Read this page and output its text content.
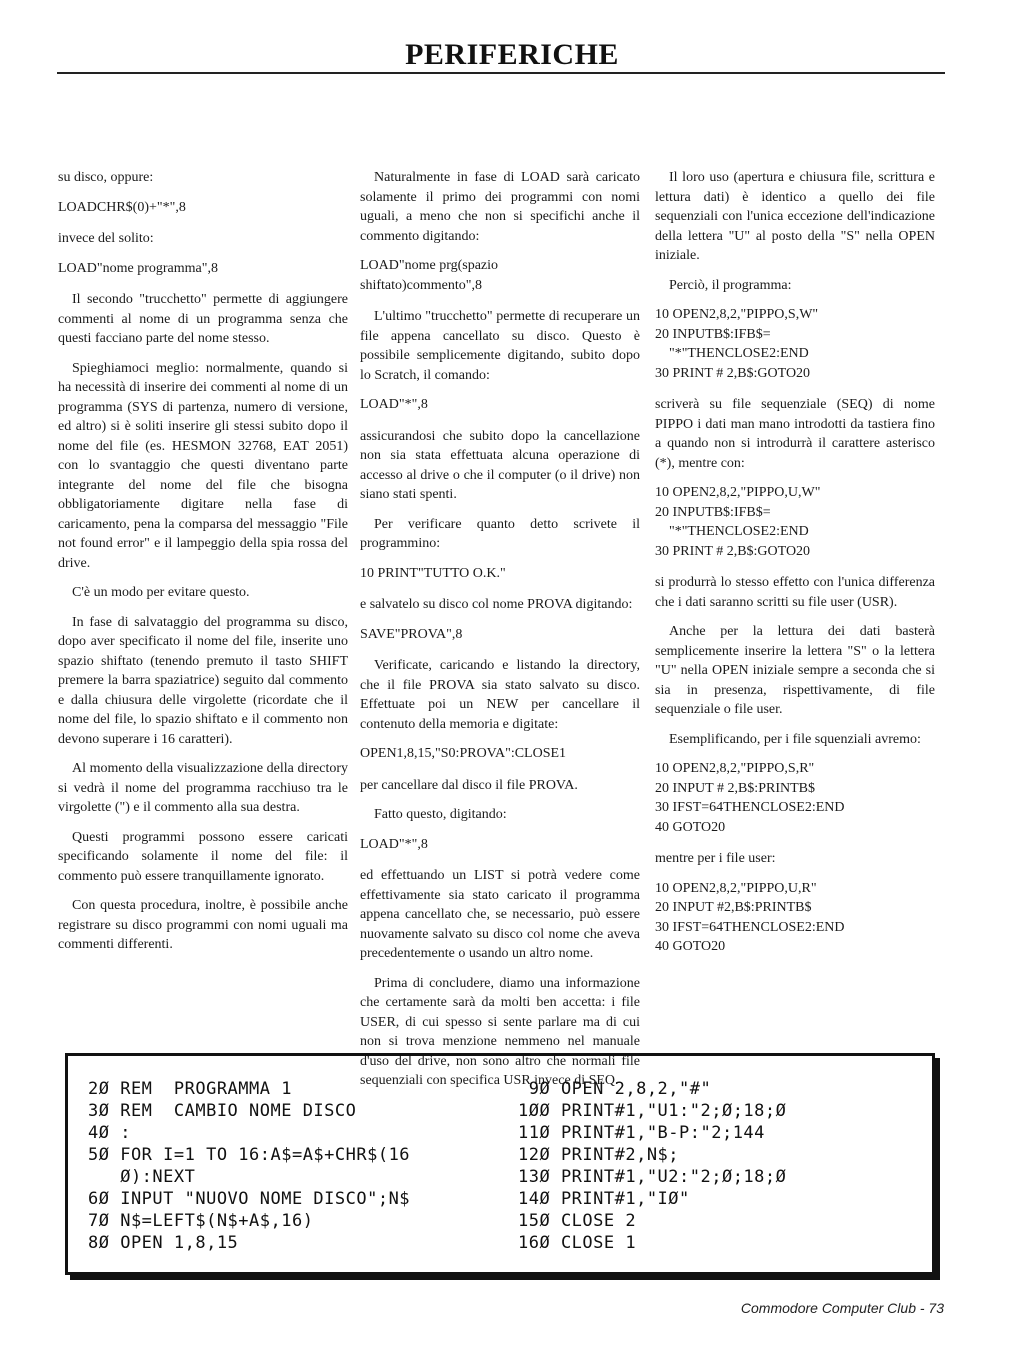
PERIFERICHE

su disco, oppure:

LOADCHR$(0)+"*",8

invece del solito:

LOAD"nome programma",8

Il secondo "trucchetto" permette di aggiungere commenti al nome di un programma senza che questi facciano parte del nome stesso.

Spieghiamoci meglio: normalmente, quando si ha necessità di inserire dei commenti al nome di un programma (SYS di partenza, numero di versione, ed altro) si è soliti inserire gli stessi subito dopo il nome del file (es. HESMON 32768, EAT 2051) con lo svantaggio che questi diventano parte integrante del nome del file che bisogna obbligatoriamente digitare nella fase di caricamento, pena la comparsa del messaggio "File not found error" e il lampeggio della spia rossa del drive.

C'è un modo per evitare questo.

In fase di salvataggio del programma su disco, dopo aver specificato il nome del file, inserite uno spazio shiftato (tenendo premuto il tasto SHIFT premere la barra spaziatrice) seguito dal commento e dalla chiusura delle virgolette (ricordate che il nome del file, lo spazio shiftato e il commento non devono superare i 16 caratteri).

Al momento della visualizzazione della directory si vedrà il nome del programma racchiuso tra le virgolette (") e il commento alla sua destra.

Questi programmi possono essere caricati specificando solamente il nome del file: il commento può essere tranquillamente ignorato.

Con questa procedura, inoltre, è possibile anche registrare su disco programmi con nomi uguali ma commenti differenti.

Naturalmente in fase di LOAD sarà caricato solamente il primo dei programmi con nomi uguali, a meno che non si specifichi anche il commento digitando:

LOAD"nome prg(spazio
shiftato)commento",8

L'ultimo "trucchetto" permette di recuperare un file appena cancellato su disco. Questo è possibile semplicemente digitando, subito dopo lo Scratch, il comando:

LOAD"*",8

assicurandosi che subito dopo la cancellazione non sia stata effettuata alcuna operazione di accesso al drive o che il computer (o il drive) non siano stati spenti.

Per verificare quanto detto scrivete il programmino:

10 PRINT"TUTTO O.K."

e salvatelo su disco col nome PROVA digitando:

SAVE"PROVA",8

Verificate, caricando e listando la directory, che il file PROVA sia stato salvato su disco. Effettuate poi un NEW per cancellare il contenuto della memoria e digitate:

OPEN1,8,15,"S0:PROVA":CLOSE1

per cancellare dal disco il file PROVA.

Fatto questo, digitando:

LOAD"*",8

ed effettuando un LIST si potrà vedere come effettivamente sia stato caricato il programma appena cancellato che, se necessario, può essere nuovamente salvato su disco col nome che aveva precedentemente o usando un altro nome.

Prima di concludere, diamo una informazione che certamente sarà da molti ben accetta: i file USER, di cui spesso si sente parlare ma di cui non si trova menzione nemmeno nel manuale d'uso del drive, non sono altro che normali file sequenziali con specifica USR invece di SEQ.

Il loro uso (apertura e chiusura file, scrittura e lettura dati) è identico a quello dei file sequenziali con l'unica eccezione dell'indicazione della lettera "U" al posto della "S" nella OPEN iniziale.

Perciò, il programma:

10 OPEN2,8,2,"PIPPO,S,W"
20 INPUTB$:IFB$=
"*"THENCLOSE2:END
30 PRINT # 2,B$:GOTO20

scriverà su file sequenziale (SEQ) di nome PIPPO i dati man mano introdotti da tastiera fino a quando non si introdurrà il carattere asterisco (*), mentre con:

10 OPEN2,8,2,"PIPPO,U,W"
20 INPUTB$:IFB$=
"*"THENCLOSE2:END
30 PRINT # 2,B$:GOTO20

si produrrà lo stesso effetto con l'unica differenza che i dati saranno scritti su file user (USR).

Anche per la lettura dei dati basterà semplicemente inserire la lettera "S" o la lettera "U" nella OPEN iniziale sempre a seconda che si sia in presenza, rispettivamente, di file sequenziale o file user.

Esemplificando, per i file squenziali avremo:

10 OPEN2,8,2,"PIPPO,S,R"
20 INPUT # 2,B$:PRINTB$
30 IFST=64THENCLOSE2:END
40 GOTO20

mentre per i file user:

10 OPEN2,8,2,"PIPPO,U,R"
20 INPUT #2,B$:PRINTB$
30 IFST=64THENCLOSE2:END
40 GOTO20
2Ø REM  PROGRAMMA 1
3Ø REM  CAMBIO NOME DISCO
4Ø :
5Ø FOR I=1 TO 16:A$=A$+CHR$(16
Ø):NEXT
6Ø INPUT "NUOVO NOME DISCO";N$
7Ø N$=LEFT$(N$+A$,16)
8Ø OPEN 1,8,15
9Ø OPEN 2,8,2,"#"
1ØØ PRINT#1,"U1:"2;Ø;18;Ø
11Ø PRINT#1,"B-P:"2;144
12Ø PRINT#2,N$;
13Ø PRINT#1,"U2:"2;Ø;18;Ø
14Ø PRINT#1,"IØ"
15Ø CLOSE 2
16Ø CLOSE 1
Commodore Computer Club - 73
